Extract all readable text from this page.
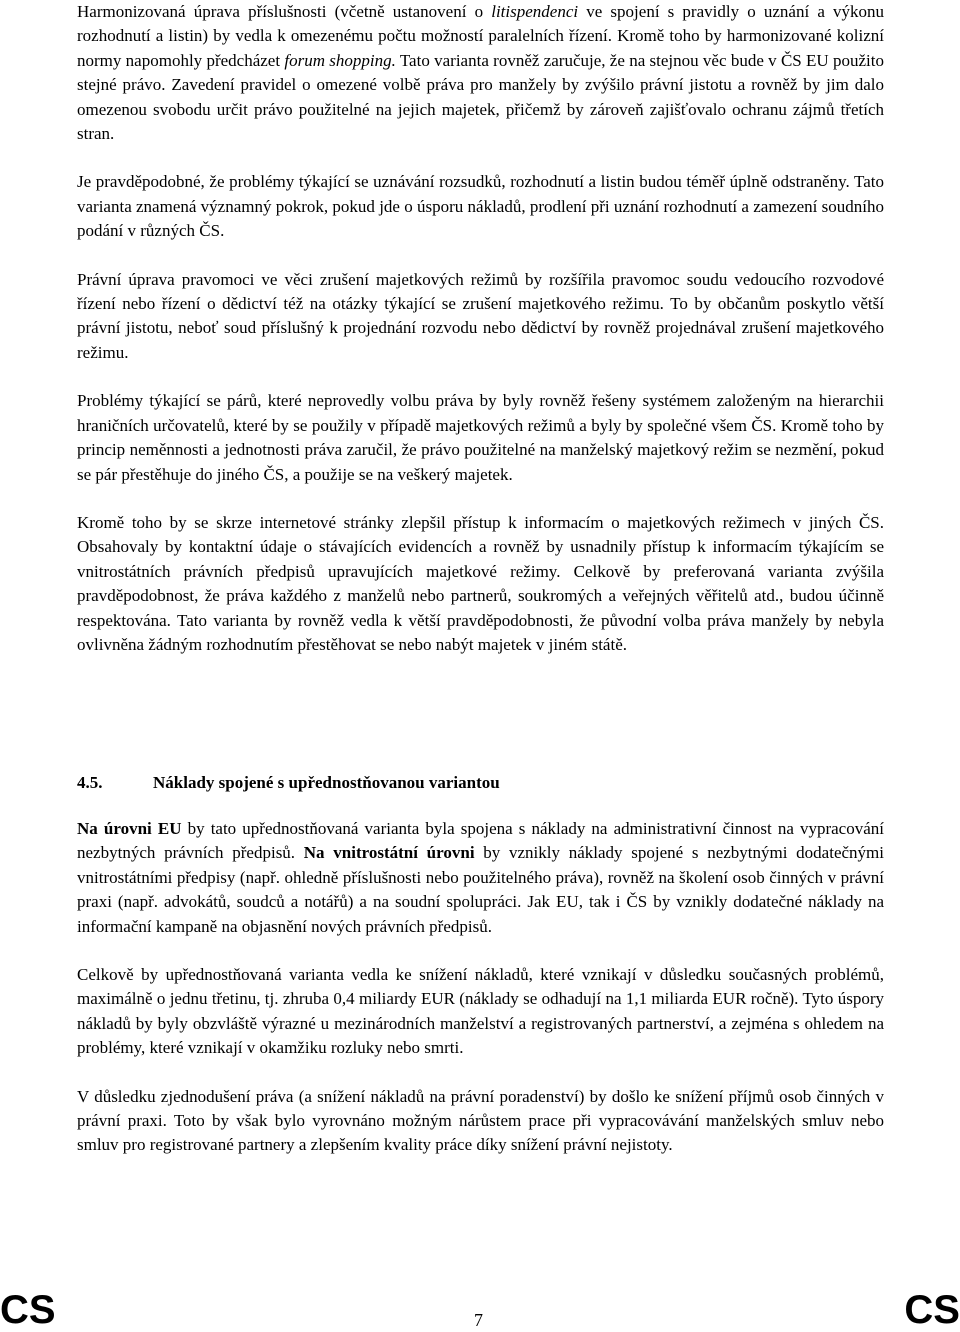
Harmonizovaná úprava příslušnosti (včetně ustanovení o litispendenci ve spojení s pravidly o uznání a výkonu rozhodnutí a listin) by vedla k omezenému počtu možností paralelních řízení. Kromě toho by harmonizované kolizní normy napomohly předcházet forum shopping. Tato varianta rovněž zaručuje, že na stejnou věc bude v ČS EU použito stejné právo. Zavedení pravidel o omezené volbě práva pro manžely by zvýšilo právní jistotu a rovněž by jim dalo omezenou svobodu určit právo použitelné na jejich majetek, přičemž by zároveň zajišťovalo ochranu zájmů třetích stran.

Je pravděpodobné, že problémy týkající se uznávání rozsudků, rozhodnutí a listin budou téměř úplně odstraněny. Tato varianta znamená významný pokrok, pokud jde o úsporu nákladů, prodlení při uznání rozhodnutí a zamezení soudního podání v různých ČS.

Právní úprava pravomoci ve věci zrušení majetkových režimů by rozšířila pravomoc soudu vedoucího rozvodové řízení nebo řízení o dědictví též na otázky týkající se zrušení majetkového režimu. To by občanům poskytlo větší právní jistotu, neboť soud příslušný k projednání rozvodu nebo dědictví by rovněž projednával zrušení majetkového režimu.

Problémy týkající se párů, které neprovedly volbu práva by byly rovněž řešeny systémem založeným na hierarchii hraničních určovatelů, které by se použily v případě majetkových režimů a byly by společné všem ČS. Kromě toho by princip neměnnosti a jednotnosti práva zaručil, že právo použitelné na manželský majetkový režim se nezmění, pokud se pár přestěhuje do jiného ČS, a použije se na veškerý majetek.

Kromě toho by se skrze internetové stránky zlepšil přístup k informacím o majetkových režimech v jiných ČS. Obsahovaly by kontaktní údaje o stávajících evidencích a rovněž by usnadnily přístup k informacím týkajícím se vnitrostátních právních předpisů upravujících majetkové režimy. Celkově by preferovaná varianta zvýšila pravděpodobnost, že práva každého z manželů nebo partnerů, soukromých a veřejných věřitelů atd., budou účinně respektována. Tato varianta by rovněž vedla k větší pravděpodobnosti, že původní volba práva manžely by nebyla ovlivněna žádným rozhodnutím přestěhovat se nebo nabýt majetek v jiném státě.

4.5.	Náklady spojené s upřednostňovanou variantou

Na úrovni EU by tato upřednostňovaná varianta byla spojena s náklady na administrativní činnost na vypracování nezbytných právních předpisů. Na vnitrostátní úrovni by vznikly náklady spojené s nezbytnými dodatečnými vnitrostátními předpisy (např. ohledně příslušnosti nebo použitelného práva), rovněž na školení osob činných v právní praxi (např. advokátů, soudců a notářů) a na soudní spolupráci. Jak EU, tak i ČS by vznikly dodatečné náklady na informační kampaně na objasnění nových právních předpisů.

Celkově by upřednostňovaná varianta vedla ke snížení nákladů, které vznikají v důsledku současných problémů, maximálně o jednu třetinu, tj. zhruba 0,4 miliardy EUR (náklady se odhadují na 1,1 miliarda EUR ročně). Tyto úspory nákladů by byly obzvláště výrazné u mezinárodních manželství a registrovaných partnerství, a zejména s ohledem na problémy, které vznikají v okamžiku rozluky nebo smrti.

V důsledku zjednodušení práva (a snížení nákladů na právní poradenství) by došlo ke snížení příjmů osob činných v právní praxi. Toto by však bylo vyrovnáno možným nárůstem prace při vypracovávání manželských smluv nebo smluv pro registrované partnery a zlepšením kvality práce díky snížení právní nejistoty.

CS	7	CS
